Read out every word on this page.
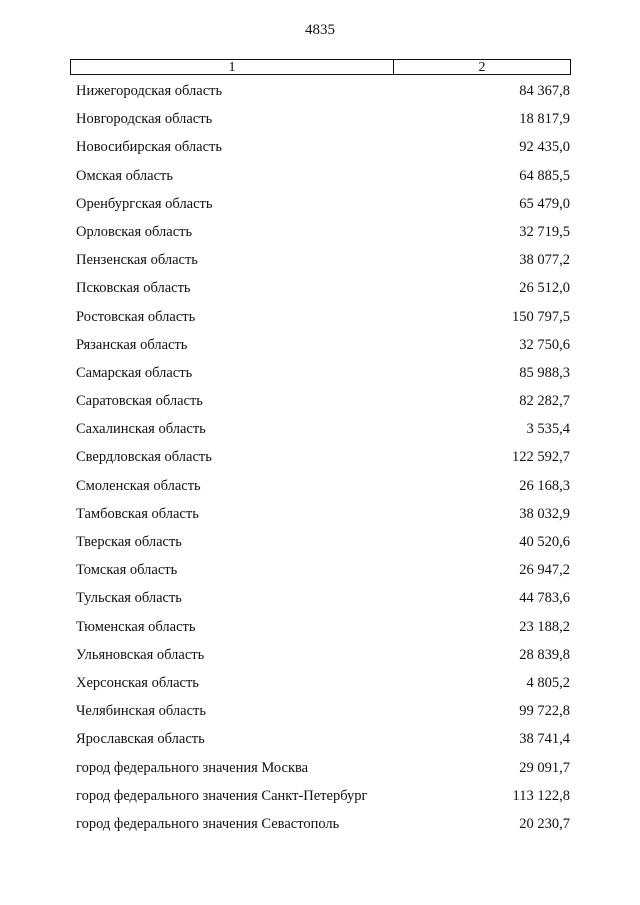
4835
1	2
Нижегородская область	84 367,8
Новгородская область	18 817,9
Новосибирская область	92 435,0
Омская область	64 885,5
Оренбургская область	65 479,0
Орловская область	32 719,5
Пензенская область	38 077,2
Псковская область	26 512,0
Ростовская область	150 797,5
Рязанская область	32 750,6
Самарская область	85 988,3
Саратовская область	82 282,7
Сахалинская область	3 535,4
Свердловская область	122 592,7
Смоленская область	26 168,3
Тамбовская область	38 032,9
Тверская область	40 520,6
Томская область	26 947,2
Тульская область	44 783,6
Тюменская область	23 188,2
Ульяновская область	28 839,8
Херсонская область	4 805,2
Челябинская область	99 722,8
Ярославская область	38 741,4
город федерального значения Москва	29 091,7
город федерального значения Санкт-Петербург	113 122,8
город федерального значения Севастополь	20 230,7
